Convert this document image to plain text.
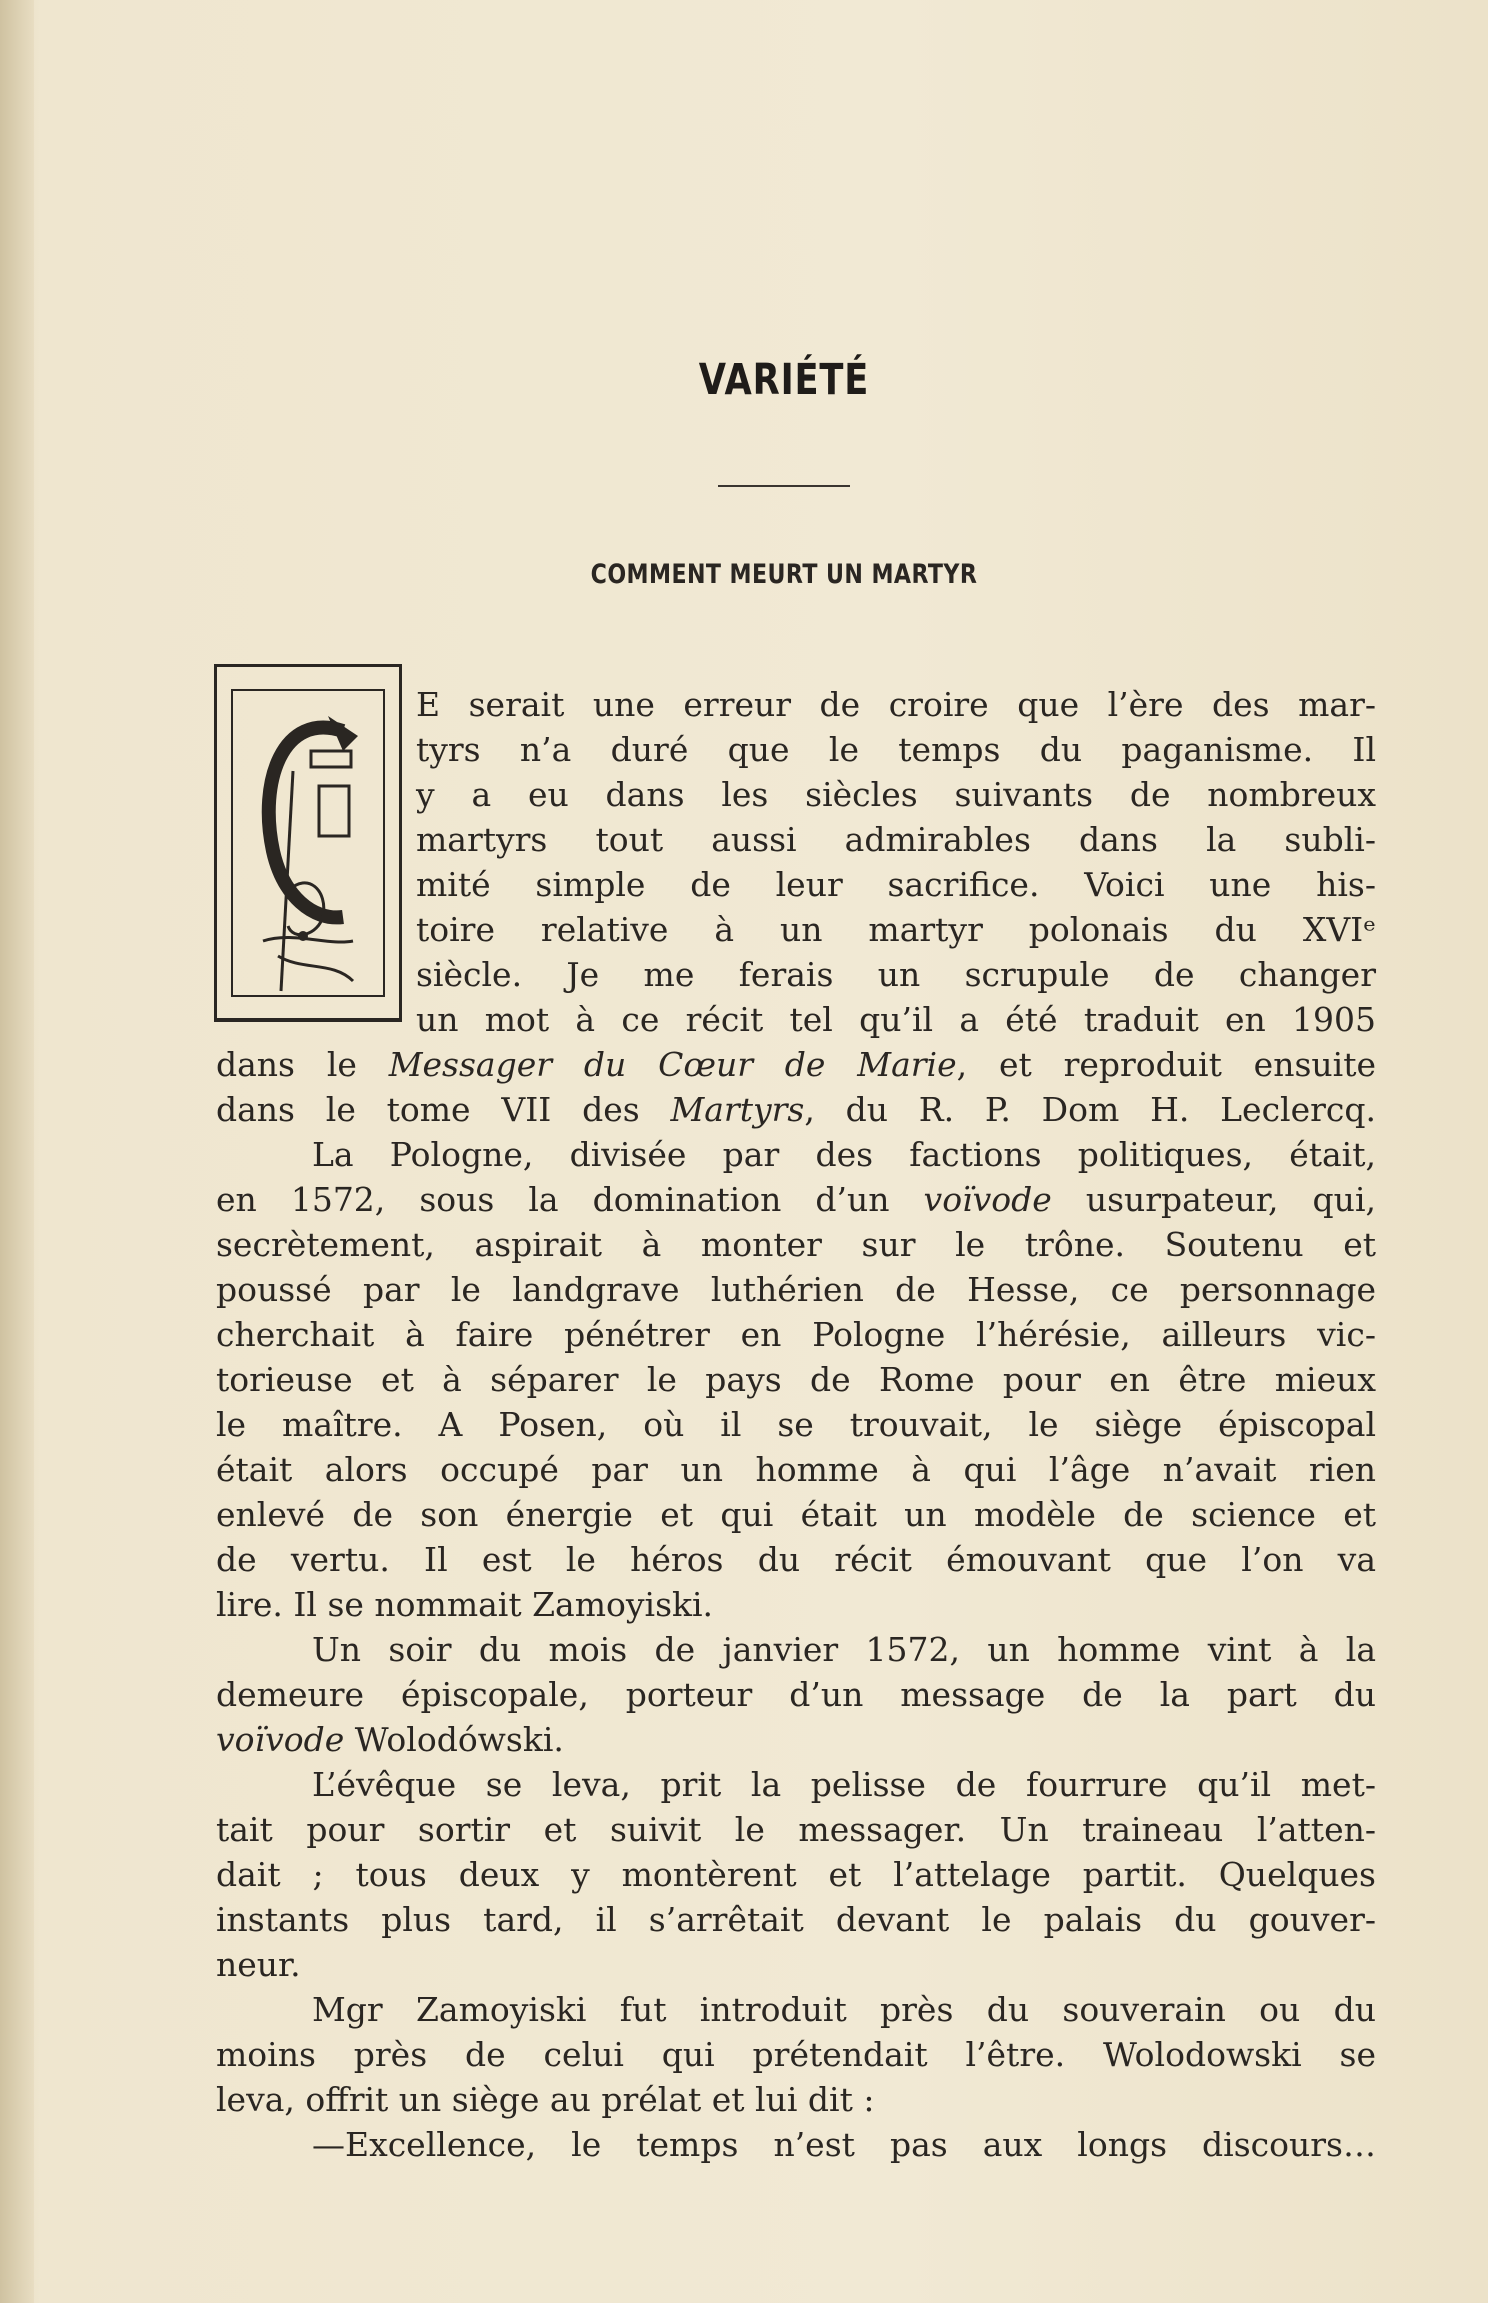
VARIÉTÉ
COMMENT MEURT UN MARTYR
E serait une erreur de croire que l’ère des mar-
tyrs n’a duré que le temps du paganisme. Il
y a eu dans les siècles suivants de nombreux
martyrs tout aussi admirables dans la subli-
mité simple de leur sacrifice. Voici une his-
toire relative à un martyr polonais du XVIᵉ
siècle. Je me ferais un scrupule de changer
un mot à ce récit tel qu’il a été traduit en 1905
dans le Messager du Cœur de Marie, et reproduit ensuite
dans le tome VII des Martyrs, du R. P. Dom H. Leclercq.
La Pologne, divisée par des factions politiques, était,
en 1572, sous la domination d’un voïvode usurpateur, qui,
secrètement, aspirait à monter sur le trône. Soutenu et
poussé par le landgrave luthérien de Hesse, ce personnage
cherchait à faire pénétrer en Pologne l’hérésie, ailleurs vic-
torieuse et à séparer le pays de Rome pour en être mieux
le maître. A Posen, où il se trouvait, le siège épiscopal
était alors occupé par un homme à qui l’âge n’avait rien
enlevé de son énergie et qui était un modèle de science et
de vertu. Il est le héros du récit émouvant que l’on va
lire. Il se nommait Zamoyiski.
Un soir du mois de janvier 1572, un homme vint à la
demeure épiscopale, porteur d’un message de la part du
voïvode Wolodówski.
L’évêque se leva, prit la pelisse de fourrure qu’il met-
tait pour sortir et suivit le messager. Un traineau l’atten-
dait ; tous deux y montèrent et l’attelage partit. Quelques
instants plus tard, il s’arrêtait devant le palais du gouver-
neur.
Mgr Zamoyiski fut introduit près du souverain ou du
moins près de celui qui prétendait l’être. Wolodowski se
leva, offrit un siège au prélat et lui dit :
—Excellence, le temps n’est pas aux longs discours…
